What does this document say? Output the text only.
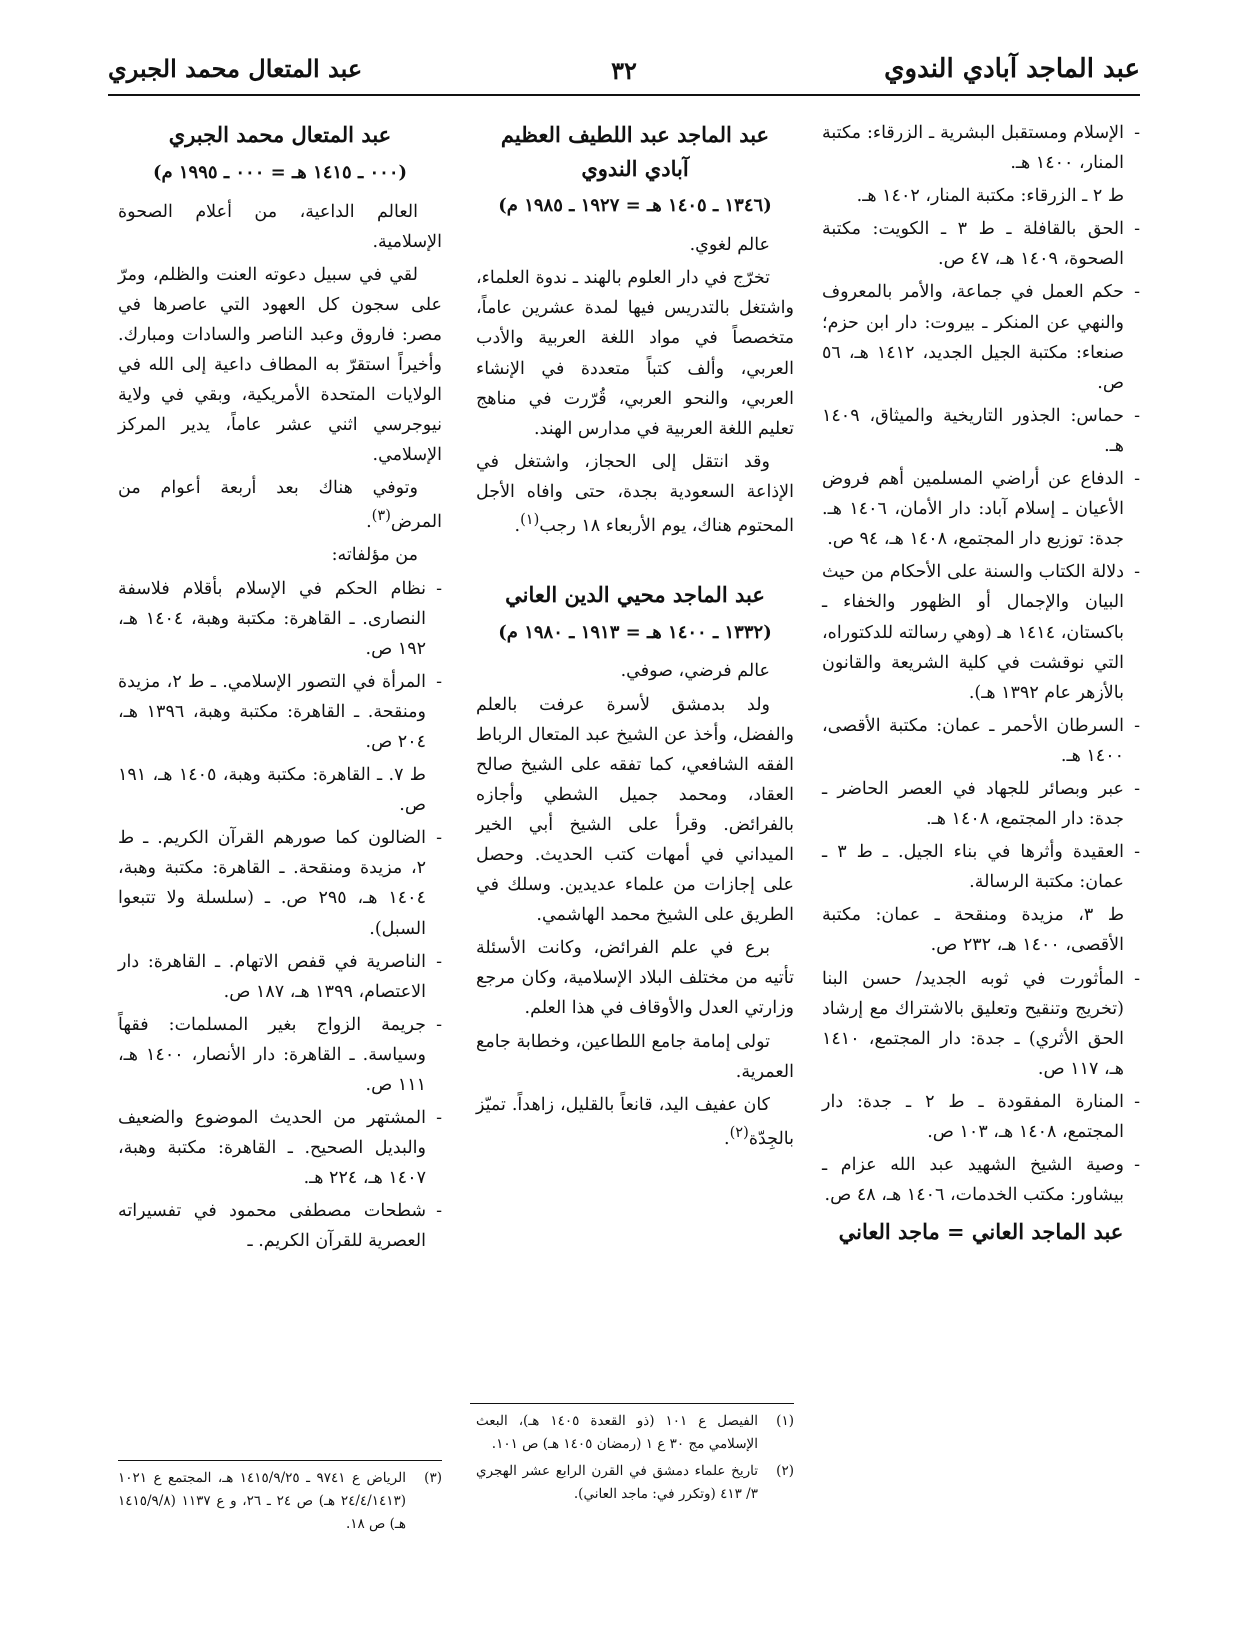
عبد الماجد آبادي الندوي
٣٢
عبد المتعال محمد الجبري

- الإسلام ومستقبل البشرية ـ الزرقاء: مكتبة المنار، ١٤٠٠ هـ.

ط ٢ ـ الزرقاء: مكتبة المنار، ١٤٠٢ هـ.

- الحق بالقافلة ـ ط ٣ ـ الكويت: مكتبة الصحوة، ١٤٠٩ هـ، ٤٧ ص.

- حكم العمل في جماعة، والأمر بالمعروف والنهي عن المنكر ـ بيروت: دار ابن حزم؛ صنعاء: مكتبة الجيل الجديد، ١٤١٢ هـ، ٥٦ ص.

- حماس: الجذور التاريخية والميثاق، ١٤٠٩ هـ.

- الدفاع عن أراضي المسلمين أهم فروض الأعيان ـ إسلام آباد: دار الأمان، ١٤٠٦ هـ. جدة: توزيع دار المجتمع، ١٤٠٨ هـ، ٩٤ ص.

- دلالة الكتاب والسنة على الأحكام من حيث البيان والإجمال أو الظهور والخفاء ـ باكستان، ١٤١٤ هـ (وهي رسالته للدكتوراه، التي نوقشت في كلية الشريعة والقانون بالأزهر عام ١٣٩٢ هـ).

- السرطان الأحمر ـ عمان: مكتبة الأقصى، ١٤٠٠ هـ.

- عبر وبصائر للجهاد في العصر الحاضر ـ جدة: دار المجتمع، ١٤٠٨ هـ.

- العقيدة وأثرها في بناء الجيل. ـ ط ٣ ـ عمان: مكتبة الرسالة.

ط ٣، مزيدة ومنقحة ـ عمان: مكتبة الأقصى، ١٤٠٠ هـ، ٢٣٢ ص.

- المأثورت في ثوبه الجديد/ حسن البنا (تخريج وتنقيح وتعليق بالاشتراك مع إرشاد الحق الأثري) ـ جدة: دار المجتمع، ١٤١٠ هـ، ١١٧ ص.

- المنارة المفقودة ـ ط ٢ ـ جدة: دار المجتمع، ١٤٠٨ هـ، ١٠٣ ص.

- وصية الشيخ الشهيد عبد الله عزام ـ بيشاور: مكتب الخدمات، ١٤٠٦ هـ، ٤٨ ص.

عبد الماجد العاني = ماجد العاني
عبد الماجد عبد اللطيف العظيم آبادي الندوي
(١٣٤٦ ـ ١٤٠٥ هـ = ١٩٢٧ ـ ١٩٨٥ م)

عالم لغوي.

تخرّج في دار العلوم بالهند ـ ندوة العلماء، واشتغل بالتدريس فيها لمدة عشرين عاماً، متخصصاً في مواد اللغة العربية والأدب العربي، وألف كتباً متعددة في الإنشاء العربي، والنحو العربي، قُرّرت في مناهج تعليم اللغة العربية في مدارس الهند.

وقد انتقل إلى الحجاز، واشتغل في الإذاعة السعودية بجدة، حتى وافاه الأجل المحتوم هناك، يوم الأربعاء ١٨ رجب$^{(١)}$.

عبد الماجد محيي الدين العاني
(١٣٣٢ ـ ١٤٠٠ هـ = ١٩١٣ ـ ١٩٨٠ م)

عالم فرضي، صوفي.

ولد بدمشق لأسرة عرفت بالعلم والفضل، وأخذ عن الشيخ عبد المتعال الرباط الفقه الشافعي، كما تفقه على الشيخ صالح العقاد، ومحمد جميل الشطي وأجازه بالفرائض. وقرأ على الشيخ أبي الخير الميداني في أمهات كتب الحديث. وحصل على إجازات من علماء عديدين. وسلك في الطريق على الشيخ محمد الهاشمي.

برع في علم الفرائض، وكانت الأسئلة تأتيه من مختلف البلاد الإسلامية، وكان مرجع وزارتي العدل والأوقاف في هذا العلم.

تولى إمامة جامع اللطاعين، وخطابة جامع العمرية.

كان عفيف اليد، قانعاً بالقليل، زاهداً. تميّز بالجِدّة$^{(٢)}$.

(١)
الفيصل ع ١٠١ (ذو القعدة ١٤٠٥ هـ)، البعث الإسلامي مج ٣٠ ع ١ (رمضان ١٤٠٥ هـ) ص ١٠١.

(٢)
تاريخ علماء دمشق في القرن الرابع عشر الهجري ٣/ ٤١٣ (وتكرر في: ماجد العاني).

عبد المتعال محمد الجبري
(٠٠٠ ـ ١٤١٥ هـ = ٠٠٠ ـ ١٩٩٥ م)

العالم الداعية، من أعلام الصحوة الإسلامية.

لقي في سبيل دعوته العنت والظلم، ومرّ على سجون كل العهود التي عاصرها في مصر: فاروق وعبد الناصر والسادات ومبارك. وأخيراً استقرّ به المطاف داعية إلى الله في الولايات المتحدة الأمريكية، وبقي في ولاية نيوجرسي اثني عشر عاماً، يدير المركز الإسلامي.

وتوفي هناك بعد أربعة أعوام من المرض$^{(٣)}$.

من مؤلفاته:

- نظام الحكم في الإسلام بأقلام فلاسفة النصارى. ـ القاهرة: مكتبة وهبة، ١٤٠٤ هـ، ١٩٢ ص.

- المرأة في التصور الإسلامي. ـ ط ٢، مزيدة ومنقحة. ـ القاهرة: مكتبة وهبة، ١٣٩٦ هـ، ٢٠٤ ص.

ط ٧. ـ القاهرة: مكتبة وهبة، ١٤٠٥ هـ، ١٩١ ص.

- الضالون كما صورهم القرآن الكريم. ـ ط ٢، مزيدة ومنقحة. ـ القاهرة: مكتبة وهبة، ١٤٠٤ هـ، ٢٩٥ ص. ـ (سلسلة ولا تتبعوا السبل).

- الناصرية في قفص الاتهام. ـ القاهرة: دار الاعتصام، ١٣٩٩ هـ، ١٨٧ ص.

- جريمة الزواج بغير المسلمات: فقهاً وسياسة. ـ القاهرة: دار الأنصار، ١٤٠٠ هـ، ١١١ ص.

- المشتهر من الحديث الموضوع والضعيف والبديل الصحيح. ـ القاهرة: مكتبة وهبة، ١٤٠٧ هـ، ٢٢٤ هـ.

- شطحات مصطفى محمود في تفسيراته العصرية للقرآن الكريم. ـ

(٣)
الرياض ع ٩٧٤١ ـ ١٤١٥/٩/٢٥ هـ، المجتمع ع ١٠٢١ (٢٤/٤/١٤١٣ هـ) ص ٢٤ ـ ٢٦، و ع ١١٣٧ (١٤١٥/٩/٨ هـ) ص ١٨.
